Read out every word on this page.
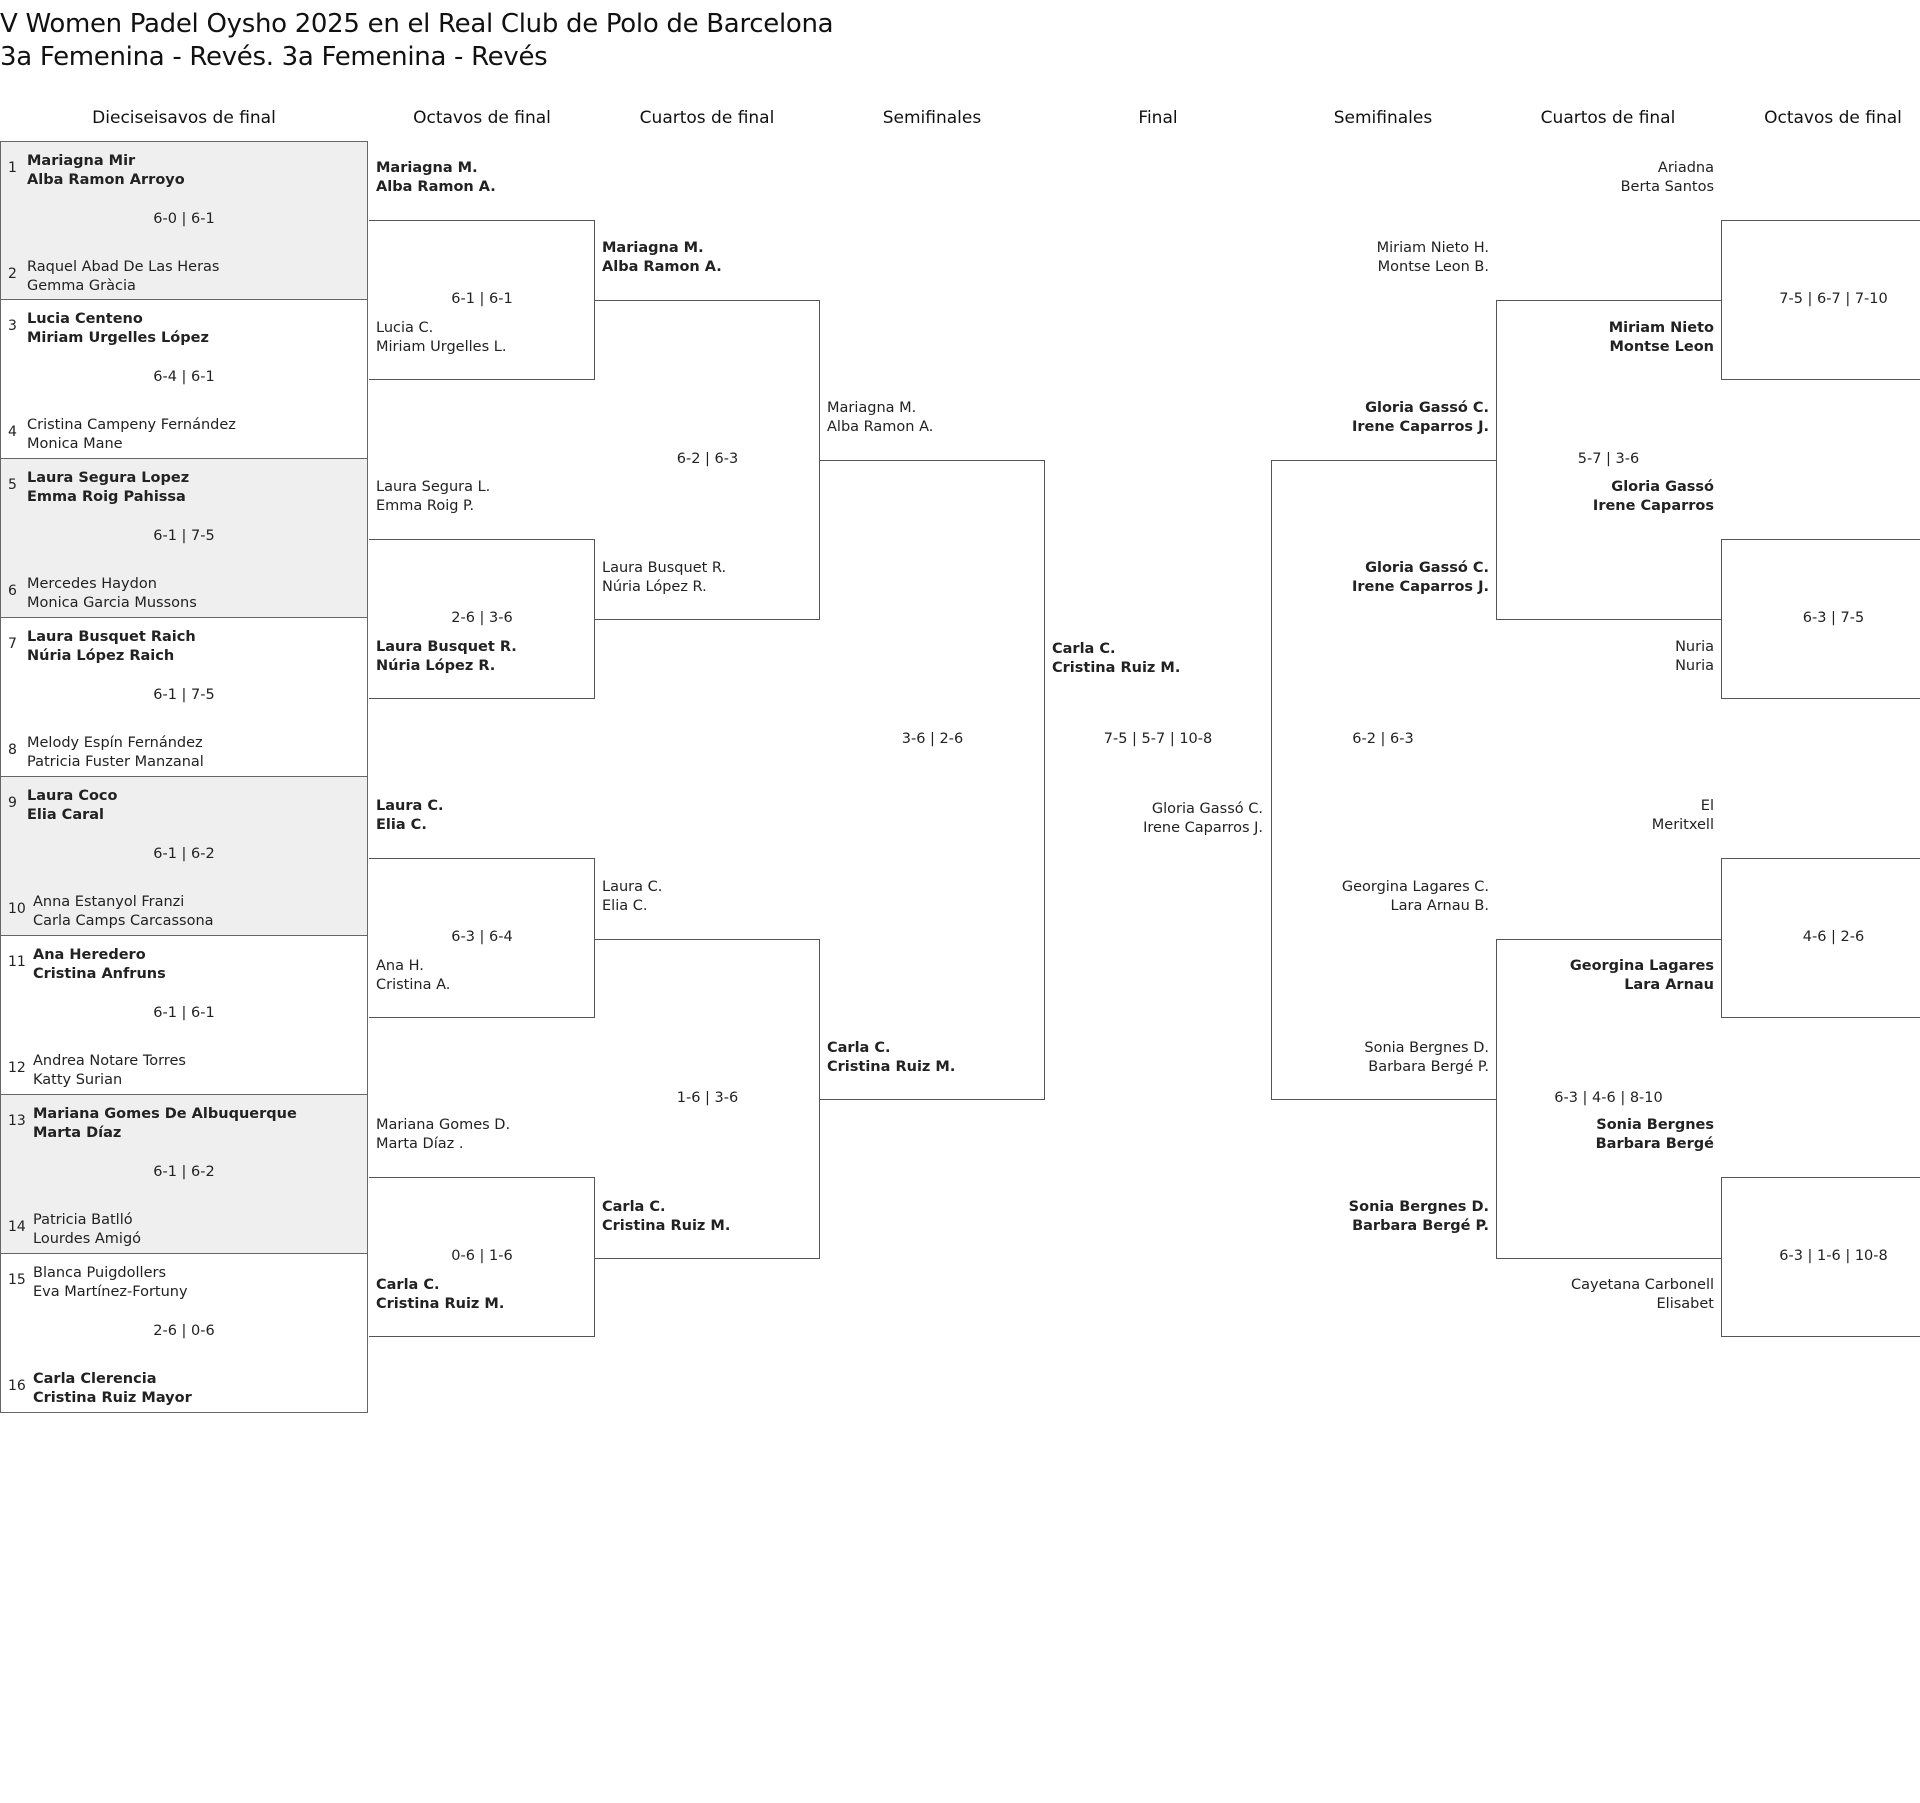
V Women Padel Oysho 2025 en el Real Club de Polo de Barcelona
3a Femenina - Revés. 3a Femenina - Revés
Dieciseisavos de final	Octavos de final	Cuartos de final	Semifinales	Final	Semifinales	Cuartos de final	Octavos de final
1 Mariagna Mir
Alba Ramon Arroyo
2 Raquel Abad De Las Heras
Gemma Gràcia
6-0 | 6-1
3 Lucia Centeno
Miriam Urgelles López
4 Cristina Campeny Fernández
Monica Mane
6-4 | 6-1
5 Laura Segura Lopez
Emma Roig Pahissa
6 Mercedes Haydon
Monica Garcia Mussons
6-1 | 7-5
7 Laura Busquet Raich
Núria López Raich
8 Melody Espín Fernández
Patricia Fuster Manzanal
6-1 | 7-5
9 Laura Coco
Elia Caral
10 Anna Estanyol Franzi
Carla Camps Carcassona
6-1 | 6-2
11 Ana Heredero
Cristina Anfruns
12 Andrea Notare Torres
Katty Surian
6-1 | 6-1
13 Mariana Gomes De Albuquerque
Marta Díaz
14 Patricia Batlló
Lourdes Amigó
6-1 | 6-2
15 Blanca Puigdollers
Eva Martínez-Fortuny
16 Carla Clerencia
Cristina Ruiz Mayor
2-6 | 0-6
Mariagna M.
Alba Ramon A.
Lucia C.
Miriam Urgelles L.
6-1 | 6-1
Laura Segura L.
Emma Roig P.
Laura Busquet R.
Núria López R.
2-6 | 3-6
Laura C.
Elia C.
Ana H.
Cristina A.
6-3 | 6-4
Mariana Gomes D.
Marta Díaz .
Carla C.
Cristina Ruiz M.
0-6 | 1-6
Mariagna M.
Alba Ramon A.
Laura Busquet R.
Núria López R.
6-2 | 6-3
Laura C.
Elia C.
Carla C.
Cristina Ruiz M.
1-6 | 3-6
Mariagna M.
Alba Ramon A.
Carla C.
Cristina Ruiz M.
3-6 | 2-6
Carla C.
Cristina Ruiz M.
Gloria Gassó C.
Irene Caparros J.
7-5 | 5-7 | 10-8
Gloria Gassó C.
Irene Caparros J.
Sonia Bergnes D.
Barbara Bergé P.
6-2 | 6-3
Miriam Nieto H.
Montse Leon B.
Gloria Gassó C.
Irene Caparros J.
5-7 | 3-6
Georgina Lagares C.
Lara Arnau B.
Sonia Bergnes D.
Barbara Bergé P.
6-3 | 4-6 | 8-10
Ariadna
Berta Santos
Miriam Nieto
Montse Leon
7-5 | 6-7 | 7-10
Gloria Gassó
Irene Caparros
Nuria
Nuria
6-3 | 7-5
El
Meritxell
Georgina Lagares
Lara Arnau
4-6 | 2-6
Sonia Bergnes
Barbara Bergé
Cayetana Carbonell
Elisabet
6-3 | 1-6 | 10-8
